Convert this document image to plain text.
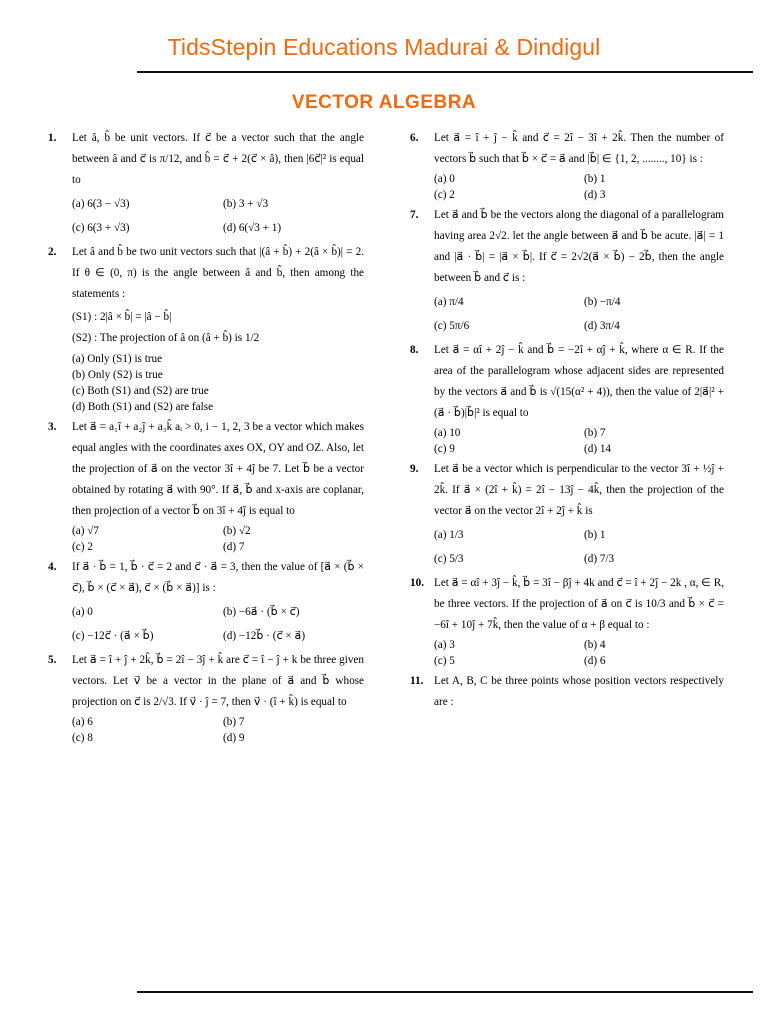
TidsStepin Educations Madurai & Dindigul
VECTOR ALGEBRA
1. Let â, b̂ be unit vectors. If c⃗ be a vector such that the angle between â and c⃗ is π/12, and b̂ = c⃗ + 2(c⃗ × â), then |6c⃗|² is equal to
(a) 6(3 − √3)	(b) 3 + √3
(c) 6(3 + √3)	(d) 6(√3 + 1)
2. Let â and b̂ be two unit vectors such that |(â + b̂) + 2(â × b̂)| = 2. If θ ∈ (0, π) is the angle between â and b̂, then among the statements :
(S1) : 2|â × b̂| = |â − b̂|
(S2) : The projection of â on (â + b̂) is 1/2
(a) Only (S1) is true
(b) Only (S2) is true
(c) Both (S1) and (S2) are true
(d) Both (S1) and (S2) are false
3. Let a⃗ = a₁î + a₂ĵ + a₃k̂ aᵢ > 0, i − 1, 2, 3 be a vector which makes equal angles with the coordinates axes OX, OY and OZ. Also, let the projection of a⃗ on the vector 3î + 4ĵ be 7. Let b⃗ be a vector obtained by rotating a⃗ with 90°. If a⃗, b⃗ and x-axis are coplanar, then projection of a vector b⃗ on 3î + 4ĵ is equal to
(a) √7	(b) √2
(c) 2	(d) 7
4. If a⃗ · b⃗ = 1, b⃗ · c⃗ = 2 and c⃗ · a⃗ = 3, then the value of [a⃗ × (b⃗ × c⃗), b⃗ × (c⃗ × a⃗), c⃗ × (b⃗ × a⃗)] is :
(a) 0	(b) −6a⃗ · (b⃗ × c⃗)
(c) −12c⃗ · (a⃗ × b⃗)	(d) −12b⃗ · (c⃗ × a⃗)
5. Let a⃗ = î + ĵ + 2k̂, b⃗ = 2î − 3ĵ + k̂ are c⃗ = î − ĵ + k be three given vectors. Let v⃗ be a vector in the plane of a⃗ and b⃗ whose projection on c⃗ is 2/√3. If v⃗ · ĵ = 7, then v⃗ · (î + k̂) is equal to
(a) 6	(b) 7
(c) 8	(d) 9
6. Let a⃗ = î + ĵ − k̂ and c⃗ = 2î − 3î + 2k̂. Then the number of vectors b⃗ such that b⃗ × c⃗ = a⃗ and |b⃗| ∈ {1, 2, ........, 10} is :
(a) 0	(b) 1
(c) 2	(d) 3
7. Let a⃗ and b⃗ be the vectors along the diagonal of a parallelogram having area 2√2. let the angle between a⃗ and b⃗ be acute. |a⃗| = 1 and |a⃗ · b⃗| = |a⃗ × b⃗|. If c⃗ = 2√2(a⃗ × b⃗) − 2b⃗, then the angle between b⃗ and c⃗ is :
(a) π/4	(b) −π/4
(c) 5π/6	(d) 3π/4
8. Let a⃗ = αî + 2ĵ − k̂ and b⃗ = −2î + αĵ + k̂, where α ∈ R. If the area of the parallelogram whose adjacent sides are represented by the vectors a⃗ and b⃗ is √(15(α² + 4)), then the value of 2|a⃗|² + (a⃗ · b⃗)|b⃗|² is equal to
(a) 10	(b) 7
(c) 9	(d) 14
9. Let a⃗ be a vector which is perpendicular to the vector 3î + ½ĵ + 2k̂. If a⃗ × (2î + k̂) = 2î − 13ĵ − 4k̂, then the projection of the vector a⃗ on the vector 2î + 2ĵ + k̂ is
(a) 1/3	(b) 1
(c) 5/3	(d) 7/3
10. Let a⃗ = αî + 3ĵ − k̂, b⃗ = 3î − βĵ + 4k and c⃗ = î + 2ĵ − 2k , α, ∈ R, be three vectors. If the projection of a⃗ on c⃗ is 10/3 and b⃗ × c⃗ = −6î + 10ĵ + 7k̂, then the value of α + β equal to :
(a) 3	(b) 4
(c) 5	(d) 6
11. Let A, B, C be three points whose position vectors respectively are :
